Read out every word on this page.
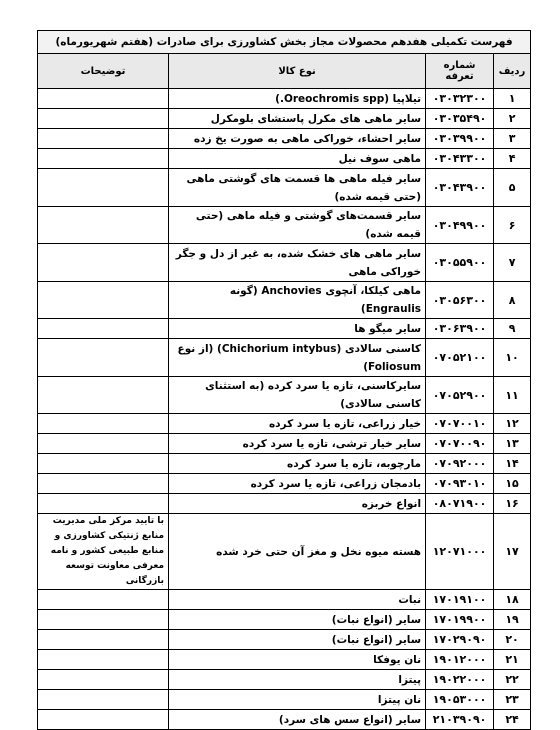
فهرست تکمیلی هفدهم محصولات مجاز بخش کشاورزی برای صادرات (هفتم شهریورماه)			
ردیف	شماره تعرفه	نوع کالا	توضیحات
۱	۰۳۰۳۲۳۰۰	تیلاپیا (Oreochromis spp.)	
۲	۰۳۰۳۵۴۹۰	سایر ماهی های مکرل پاستشای بلومکرل	
۳	۰۳۰۳۹۹۰۰	سایر احشاء، خوراکی ماهی به صورت یخ زده	
۴	۰۳۰۴۳۳۰۰	ماهی سوف نیل	
۵	۰۳۰۴۳۹۰۰	سایر فیله ماهی ها قسمت های گوشتی ماهی (حتی قیمه شده)	
۶	۰۳۰۴۹۹۰۰	سایر قسمت‌های گوشتی و فیله ماهی (حتی قیمه شده)	
۷	۰۳۰۵۵۹۰۰	سایر ماهی های خشک شده، به غیر از دل و جگر خوراکی ماهی	
۸	۰۳۰۵۶۳۰۰	ماهی کیلکا، آنچوی Anchovies (گونه Engraulis)	
۹	۰۳۰۶۳۹۰۰	سایر میگو ها	
۱۰	۰۷۰۵۲۱۰۰	کاسنی سالادی (Chichorium intybus) (از نوع Foliosum)	
۱۱	۰۷۰۵۲۹۰۰	سایرکاسنی، تازه یا سرد کرده (به استثنای کاسنی سالادی)	
۱۲	۰۷۰۷۰۰۱۰	خیار زراعی، تازه یا سرد کرده	
۱۳	۰۷۰۷۰۰۹۰	سایر خیار ترشی، تازه یا سرد کرده	
۱۴	۰۷۰۹۲۰۰۰	مارچوبه، تازه یا سرد کرده	
۱۵	۰۷۰۹۳۰۱۰	بادمجان زراعی، تازه یا سرد کرده	
۱۶	۰۸۰۷۱۹۰۰	انواع خربزه	
۱۷	۱۲۰۷۱۰۰۰	هسته میوه نخل و مغز آن حتی خرد شده	با تایید مرکز ملی مدیریت منابع ژنتیکی کشاورزی و منابع طبیعی کشور و نامه معرفی معاونت توسعه بازرگانی
۱۸	۱۷۰۱۹۱۰۰	نبات	
۱۹	۱۷۰۱۹۹۰۰	سایر (انواع نبات)	
۲۰	۱۷۰۲۹۰۹۰	سایر (انواع نبات)	
۲۱	۱۹۰۱۲۰۰۰	نان یوفکا	
۲۲	۱۹۰۲۲۰۰۰	پیتزا	
۲۳	۱۹۰۵۳۰۰۰	نان پیتزا	
۲۴	۲۱۰۳۹۰۹۰	سایر (انواع سس های سرد)	
